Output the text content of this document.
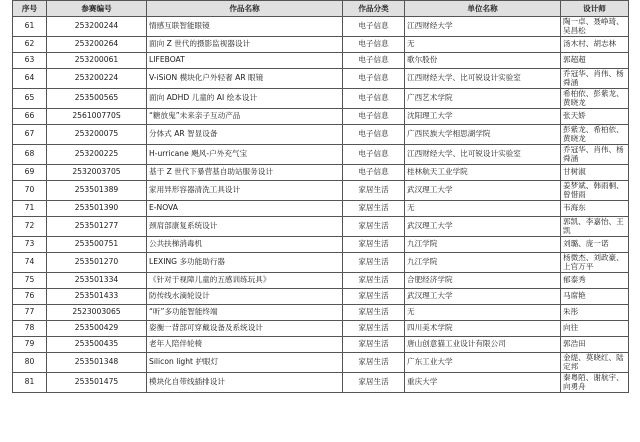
序号	参赛编号	作品名称	作品分类	单位名称	设计师
61	253200244	情感互联智能眼镜	电子信息	江西财经大学	陶一卓、聂峥琦、吴昌松
62	253200264	面向 Z 世代的摄影监视器设计	电子信息	无	汤木村、胡志林
63	253200061	LIFEBOAT	电子信息	歌尔股份	郭超超
64	253200224	V-iSiON 模块化户外轻奢 AR 眼镜	电子信息	江西财经大学、比可锐设计实验室	乔冠华、肖伟、杨舜涵
65	253500565	面向 ADHD 儿童的 AI 绘本设计	电子信息	广西艺术学院	希柏依、彭紫龙、黄晓龙
66	256100770S	“糖放鬼”未来亲子互动产品	电子信息	沈阳理工大学	张天娇
67	253200075	分体式 AR 智显设备	电子信息	广西民族大学相思湖学院	彭紫龙、希柏依、黄晓龙
68	253200225	H-urricane 飓风-户外充气宝	电子信息	江西财经大学、比可锐设计实验室	乔冠华、肖伟、杨舜涵
69	2532003705	基于 Z 世代下暴营基自助站服务设计	电子信息	桂林航天工业学院	甘树淑
70	253501389	家用异形容器清洗工具设计	家居生活	武汉理工大学	姜梦斌、韩雨桐、曾惜雨
71	253501390	E-NOVA	家居生活	无	韦海东
72	253501277	颈肩部康复系统设计	家居生活	武汉理工大学	郭凯、李嘉怡、王凯
73	253500751	公共扶梯消毒机	家居生活	九江学院	刘璐、庞一诺
74	253501270	LEXING 多功能助行器	家居生活	九江学院	杨微杰、刘政豪、上官万平
75	253501334	《针对于视障儿童的五感训练玩具》	家居生活	合肥经济学院	郁泰秀
76	253501433	防传线水滴轮设计	家居生活	武汉理工大学	马席艳
77	2523003065	“听”多功能智能终端	家居生活	无	朱彤
78	253500429	姿衡一背部可穿戴设备及系统设计	家居生活	四川美术学院	向往
79	253500435	老年人陪伴轮椅	家居生活	唐山创意猫工业设计有限公司	郭浩田
80	253501348	Silicon light 护眼灯	家居生活	广东工业大学	金缇、莫晓红、陆定邦
81	253501475	模块化自带线插排设计	家居生活	重庆大学	秦粤陌、谢航宇、向勇舟
